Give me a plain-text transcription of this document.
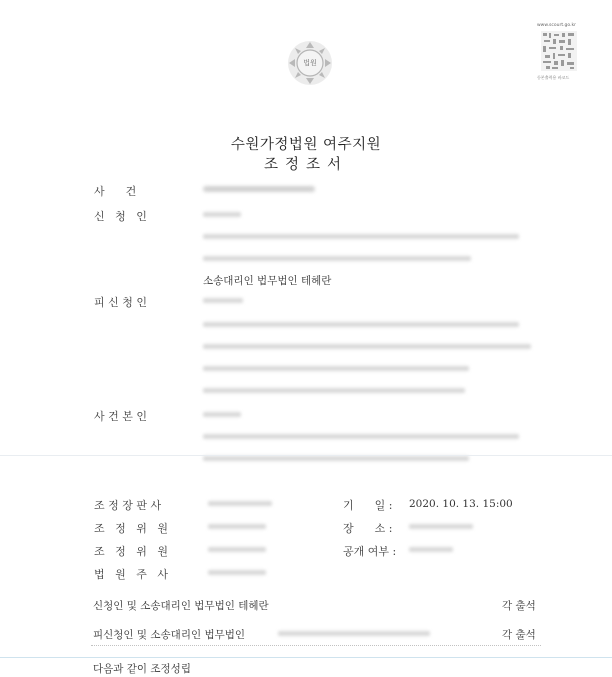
법원
www.scourt.go.kr
등본출력용 바코드
수원가정법원 여주지원
조정조서
사      건
신   청   인
소송대리인 법무법인 테헤란
피 신 청 인
사 건 본 인
조 정 장 판 사
조   정   위   원
조   정   위   원
법   원   주   사
기      일 : 2020. 10. 13. 15:00
장      소 :
공개 여부 :
신청인 및 소송대리인 법무법인 테헤란	각 출석
피신청인 및 소송대리인 법무법인	각 출석
다음과 같이 조정성립
